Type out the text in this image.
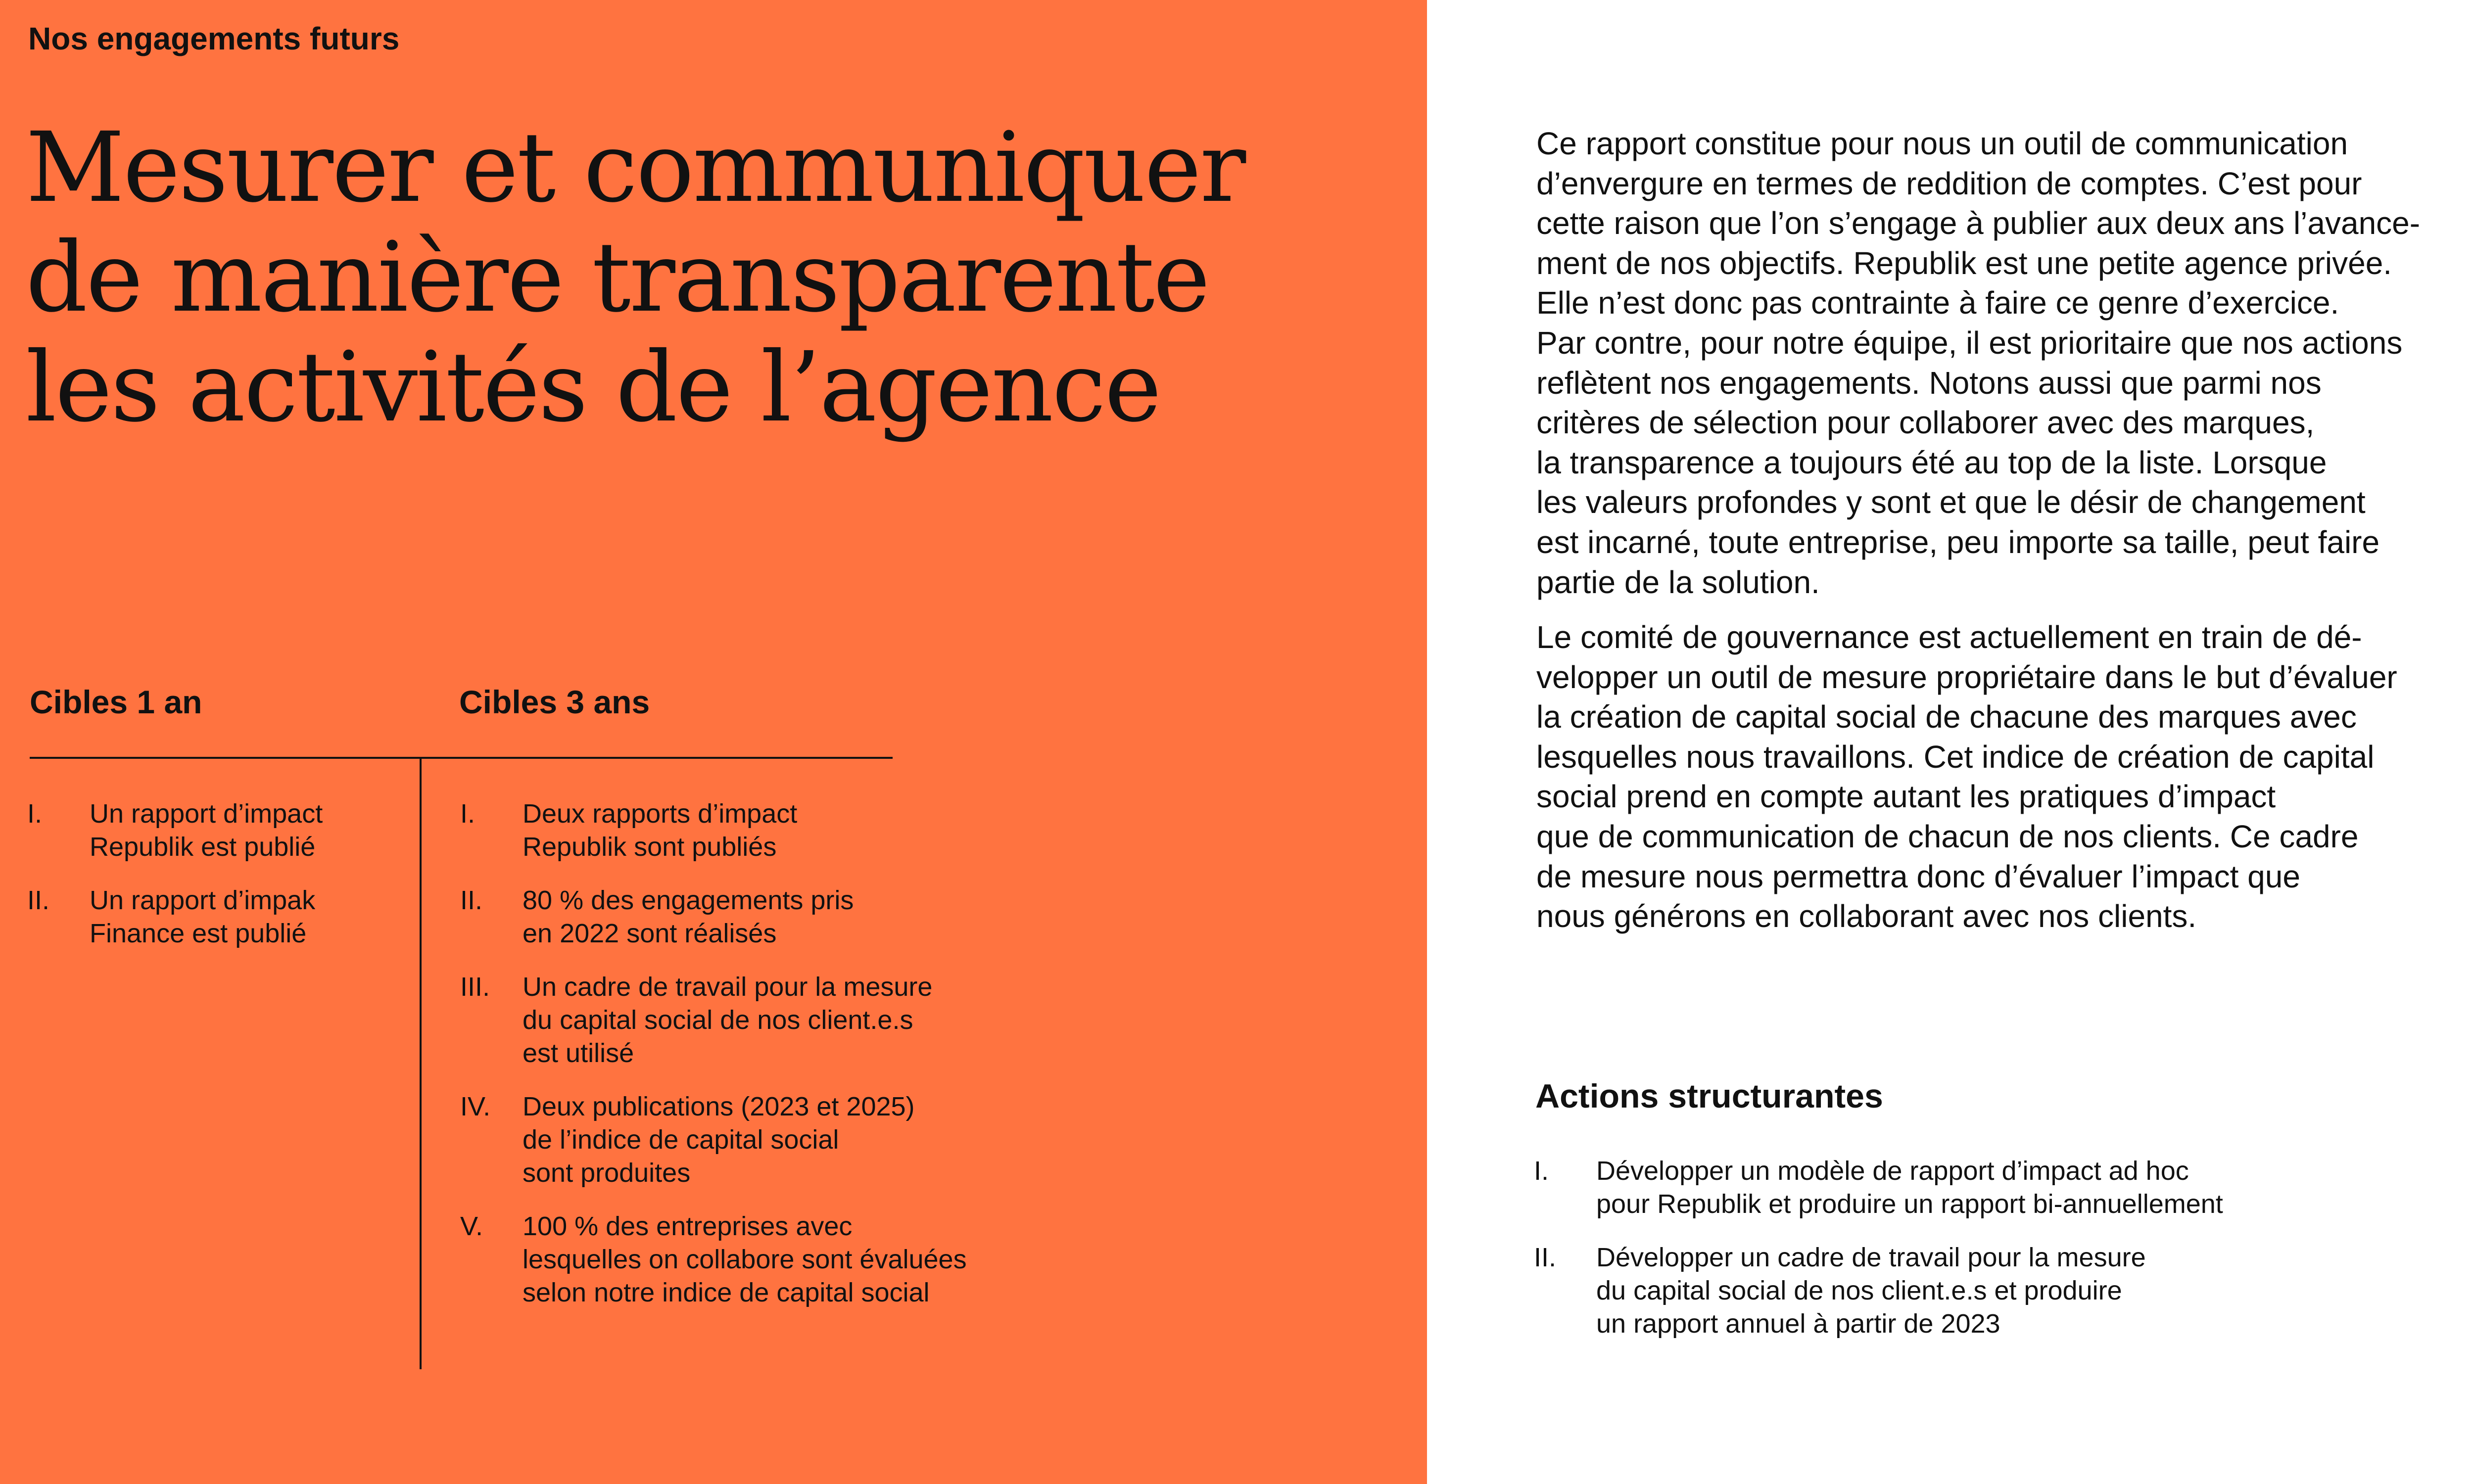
Nos engagements futurs
Mesurer et communiquer
de manière transparente
les activités de l’agence
Cibles 1 an	Cibles 3 ans
I. Un rapport d’impact
Republik est publié
II. Un rapport d’impak
Finance est publié
I. Deux rapports d’impact
Republik sont publiés
II. 80 % des engagements pris
en 2022 sont réalisés
III. Un cadre de travail pour la mesure
du capital social de nos client.e.s
est utilisé
IV. Deux publications (2023 et 2025)
de l’indice de capital social
sont produites
V. 100 % des entreprises avec
lesquelles on collabore sont évaluées
selon notre indice de capital social

Ce rapport constitue pour nous un outil de communication
d’envergure en termes de reddition de comptes. C’est pour
cette raison que l’on s’engage à publier aux deux ans l’avance-
ment de nos objectifs. Republik est une petite agence privée.
Elle n’est donc pas contrainte à faire ce genre d’exercice.
Par contre, pour notre équipe, il est prioritaire que nos actions
reflètent nos engagements. Notons aussi que parmi nos
critères de sélection pour collaborer avec des marques,
la transparence a toujours été au top de la liste. Lorsque
les valeurs profondes y sont et que le désir de changement
est incarné, toute entreprise, peu importe sa taille, peut faire
partie de la solution.

Le comité de gouvernance est actuellement en train de dé-
velopper un outil de mesure propriétaire dans le but d’évaluer
la création de capital social de chacune des marques avec
lesquelles nous travaillons. Cet indice de création de capital
social prend en compte autant les pratiques d’impact
que de communication de chacun de nos clients. Ce cadre
de mesure nous permettra donc d’évaluer l’impact que
nous générons en collaborant avec nos clients.

Actions structurantes
I. Développer un modèle de rapport d’impact ad hoc
pour Republik et produire un rapport bi-annuellement
II. Développer un cadre de travail pour la mesure
du capital social de nos client.e.s et produire
un rapport annuel à partir de 2023
